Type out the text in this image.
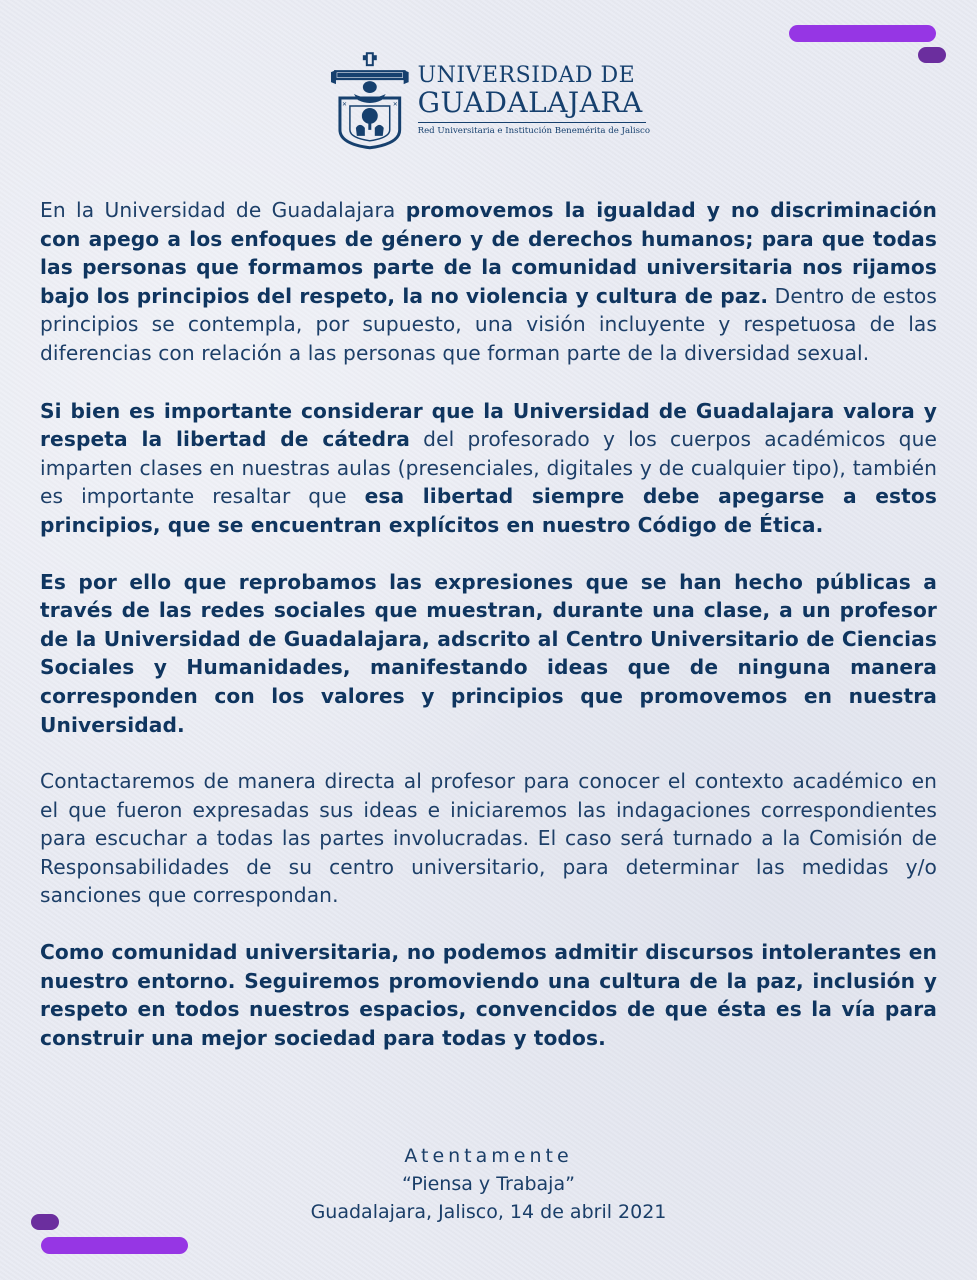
✕	✕
UNIVERSIDAD DE
GUADALAJARA
Red Universitaria e Institución Benemérita de Jalisco

En la Universidad de Guadalajara promovemos la igualdad y no discriminación con apego a los enfoques de género y de derechos humanos; para que todas las personas que formamos parte de la comunidad universitaria nos rijamos bajo los principios del respeto, la no violencia y cultura de paz. Dentro de estos principios se contempla, por supuesto, una visión incluyente y respetuosa de las diferencias con relación a las personas que forman parte de la diversidad sexual.

Si bien es importante considerar que la Universidad de Guadalajara valora y respeta la libertad de cátedra del profesorado y los cuerpos académicos que imparten clases en nuestras aulas (presenciales, digitales y de cualquier tipo), también es importante resaltar que esa libertad siempre debe apegarse a estos principios, que se encuentran explícitos en nuestro Código de Ética.

Es por ello que reprobamos las expresiones que se han hecho públicas a través de las redes sociales que muestran, durante una clase, a un profesor de la Universidad de Guadalajara, adscrito al Centro Universitario de Ciencias Sociales y Humanidades, manifestando ideas que de ninguna manera corresponden con los valores y principios que promovemos en nuestra Universidad.

Contactaremos de manera directa al profesor para conocer el contexto académico en el que fueron expresadas sus ideas e iniciaremos las indagaciones correspondientes para escuchar a todas las partes involucradas. El caso será turnado a la Comisión de Responsabilidades de su centro universitario, para determinar las medidas y/o sanciones que correspondan.

Como comunidad universitaria, no podemos admitir discursos intolerantes en nuestro entorno. Seguiremos promoviendo una cultura de la paz, inclusión y respeto en todos nuestros espacios, convencidos de que ésta es la vía para construir una mejor sociedad para todas y todos.

Atentamente
“Piensa y Trabaja”
Guadalajara, Jalisco, 14 de abril 2021
